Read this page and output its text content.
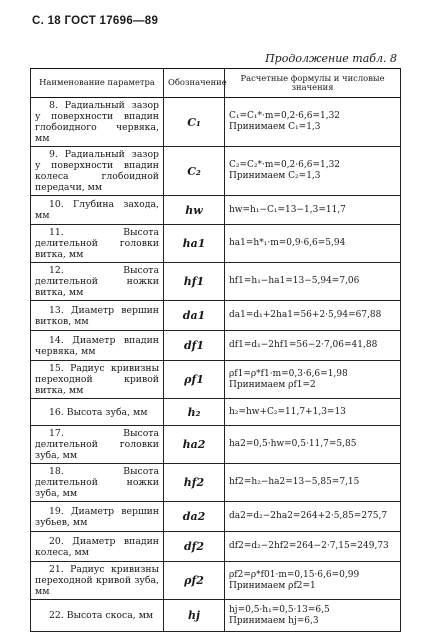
С. 18 ГОСТ 17696—89
Продолжение табл. 8
Наименование параметра	Обозначение	Расчетные формулы и числовые значения
8. Радиальный зазор у поверхности впадин глобоидного червяка, мм	C₁	C₁=C₁*·m=0,2·6,6=1,32
Принимаем C₁=1,3

9. Радиальный зазор у поверхности впадин колеса глобоидной передачи, мм	C₂	C₂=C₂*·m=0,2·6,6=1,32
Принимаем C₂=1,3

10. Глубина захода, мм	hw	hw=h₁−C₁=13−1,3=11,7

11. Высота делительной головки витка, мм	ha1	ha1=h*₁·m=0,9·6,6=5,94

12. Высота делительной ножки витка, мм	hf1	hf1=h₁−ha1=13−5,94=7,06

13. Диаметр вершин витков, мм	da1	da1=d₁+2ha1=56+2·5,94=67,88

14. Диаметр впадин червяка, мм	df1	df1=d₁−2hf1=56−2·7,06=41,88

15. Радиус кривизны переходной кривой витка, мм	ρf1	ρf1=ρ*f1·m=0,3·6,6=1,98
Принимаем ρf1=2

16. Высота зуба, мм	h₂	h₂=hw+C₂=11,7+1,3=13

17. Высота делительной головки зуба, мм	ha2	ha2=0,5·hw=0,5·11,7=5,85

18. Высота делительной ножки зуба, мм	hf2	hf2=h₂−ha2=13−5,85=7,15

19. Диаметр вершин зубьев, мм	da2	da2=d₂−2ha2=264+2·5,85=275,7

20. Диаметр впадин колеса, мм	df2	df2=d₂−2hf2=264−2·7,15=249,73

21. Радиус кривизны переходной кривой зуба, мм	ρf2	ρf2=ρ*f01·m=0,15·6,6=0,99
Принимаем ρf2=1

22. Высота скоса, мм	hj	hj=0,5·h₁=0,5·13=6,5
Принимаем hj=6,3
